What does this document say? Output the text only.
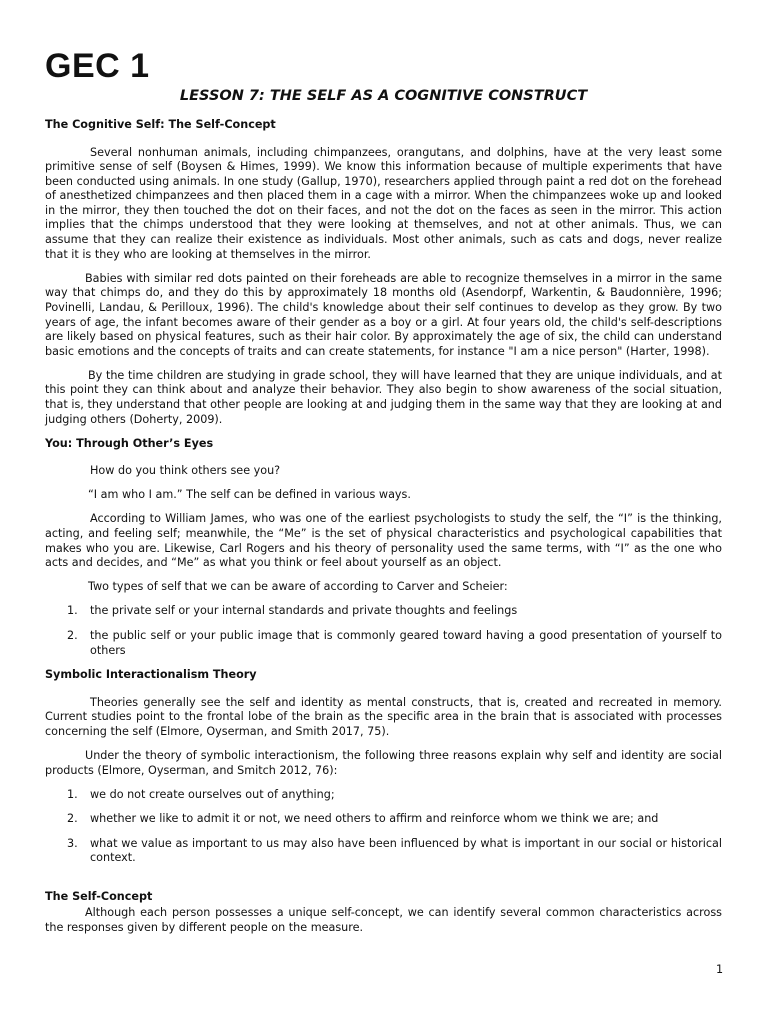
GEC 1
LESSON 7: THE SELF AS A COGNITIVE CONSTRUCT
The Cognitive Self: The Self-Concept

Several nonhuman animals, including chimpanzees, orangutans, and dolphins, have at the very least some primitive sense of self (Boysen & Himes, 1999). We know this information because of multiple experiments that have been conducted using animals. In one study (Gallup, 1970), researchers applied through paint a red dot on the forehead of anesthetized chimpanzees and then placed them in a cage with a mirror. When the chimpanzees woke up and looked in the mirror, they then touched the dot on their faces, and not the dot on the faces as seen in the mirror. This action implies that the chimps understood that they were looking at themselves, and not at other animals. Thus, we can assume that they can realize their existence as individuals. Most other animals, such as cats and dogs, never realize that it is they who are looking at themselves in the mirror.

Babies with similar red dots painted on their foreheads are able to recognize themselves in a mirror in the same way that chimps do, and they do this by approximately 18 months old (Asendorpf, Warkentin, & Baudonnière, 1996; Povinelli, Landau, & Perilloux, 1996). The child's knowledge about their self continues to develop as they grow. By two years of age, the infant becomes aware of their gender as a boy or a girl. At four years old, the child's self-descriptions are likely based on physical features, such as their hair color. By approximately the age of six, the child can understand basic emotions and the concepts of traits and can create statements, for instance "I am a nice person" (Harter, 1998).

By the time children are studying in grade school, they will have learned that they are unique individuals, and at this point they can think about and analyze their behavior. They also begin to show awareness of the social situation, that is, they understand that other people are looking at and judging them in the same way that they are looking at and judging others (Doherty, 2009).

You: Through Other’s Eyes

How do you think others see you?

“I am who I am.” The self can be defined in various ways.

According to William James, who was one of the earliest psychologists to study the self, the “I” is the thinking, acting, and feeling self; meanwhile, the “Me” is the set of physical characteristics and psychological capabilities that makes who you are. Likewise, Carl Rogers and his theory of personality used the same terms, with “I” as the one who acts and decides, and “Me” as what you think or feel about yourself as an object.

Two types of self that we can be aware of according to Carver and Scheier:

1. the private self or your internal standards and private thoughts and feelings
2. the public self or your public image that is commonly geared toward having a good presentation of yourself to others
Symbolic Interactionalism Theory

Theories generally see the self and identity as mental constructs, that is, created and recreated in memory. Current studies point to the frontal lobe of the brain as the specific area in the brain that is associated with processes concerning the self (Elmore, Oyserman, and Smith 2017, 75).

Under the theory of symbolic interactionism, the following three reasons explain why self and identity are social products (Elmore, Oyserman, and Smitch 2012, 76):

1. we do not create ourselves out of anything;
2. whether we like to admit it or not, we need others to affirm and reinforce whom we think we are; and
3. what we value as important to us may also have been influenced by what is important in our social or historical context.
The Self-Concept

Although each person possesses a unique self-concept, we can identify several common characteristics across the responses given by different people on the measure.

1
